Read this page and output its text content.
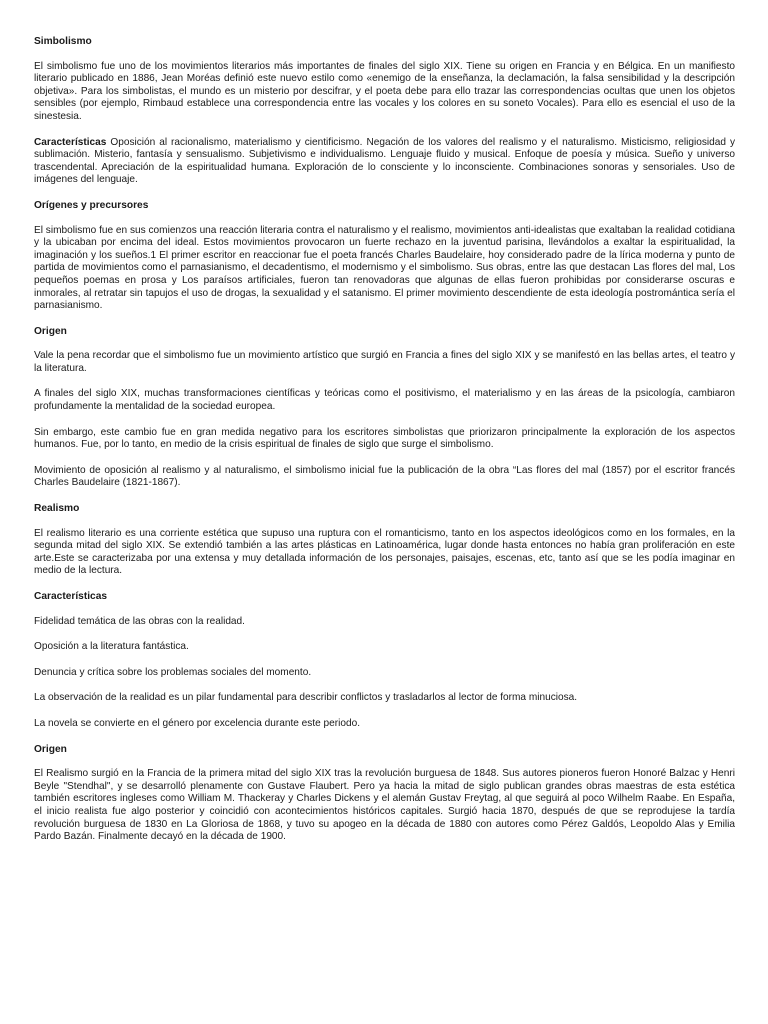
Simbolismo

El simbolismo fue uno de los movimientos literarios más importantes de finales del siglo XIX. Tiene su origen en Francia y en Bélgica. En un manifiesto literario publicado en 1886, Jean Moréas definió este nuevo estilo como «enemigo de la enseñanza, la declamación, la falsa sensibilidad y la descripción objetiva». Para los simbolistas, el mundo es un misterio por descifrar, y el poeta debe para ello trazar las correspondencias ocultas que unen los objetos sensibles (por ejemplo, Rimbaud establece una correspondencia entre las vocales y los colores en su soneto Vocales). Para ello es esencial el uso de la sinestesia.

Características Oposición al racionalismo, materialismo y cientificismo. Negación de los valores del realismo y el naturalismo. Misticismo, religiosidad y sublimación. Misterio, fantasía y sensualismo. Subjetivismo e individualismo. Lenguaje fluido y musical. Enfoque de poesía y música. Sueño y universo trascendental. Apreciación de la espiritualidad humana. Exploración de lo consciente y lo inconsciente. Combinaciones sonoras y sensoriales. Uso de imágenes del lenguaje.

Orígenes y precursores

El simbolismo fue en sus comienzos una reacción literaria contra el naturalismo y el realismo, movimientos anti-idealistas que exaltaban la realidad cotidiana y la ubicaban por encima del ideal. Estos movimientos provocaron un fuerte rechazo en la juventud parisina, llevándolos a exaltar la espiritualidad, la imaginación y los sueños.1 El primer escritor en reaccionar fue el poeta francés Charles Baudelaire, hoy considerado padre de la lírica moderna y punto de partida de movimientos como el parnasianismo, el decadentismo, el modernismo y el simbolismo. Sus obras, entre las que destacan Las flores del mal, Los pequeños poemas en prosa y Los paraísos artificiales, fueron tan renovadoras que algunas de ellas fueron prohibidas por considerarse oscuras e inmorales, al retratar sin tapujos el uso de drogas, la sexualidad y el satanismo. El primer movimiento descendiente de esta ideología postromántica sería el parnasianismo.

Origen

Vale la pena recordar que el simbolismo fue un movimiento artístico que surgió en Francia a fines del siglo XIX y se manifestó en las bellas artes, el teatro y la literatura.

A finales del siglo XIX, muchas transformaciones científicas y teóricas como el positivismo, el materialismo y en las áreas de la psicología, cambiaron profundamente la mentalidad de la sociedad europea.

Sin embargo, este cambio fue en gran medida negativo para los escritores simbolistas que priorizaron principalmente la exploración de los aspectos humanos. Fue, por lo tanto, en medio de la crisis espiritual de finales de siglo que surge el simbolismo.

Movimiento de oposición al realismo y al naturalismo, el simbolismo inicial fue la publicación de la obra “Las flores del mal (1857) por el escritor francés Charles Baudelaire (1821-1867).

Realismo

El realismo literario es una corriente estética que supuso una ruptura con el romanticismo, tanto en los aspectos ideológicos como en los formales, en la segunda mitad del siglo XIX. Se extendió también a las artes plásticas en Latinoamérica, lugar donde hasta entonces no había gran proliferación en este arte.Este se caracterizaba por una extensa y muy detallada información de los personajes, paisajes, escenas, etc, tanto así que se les podía imaginar en medio de la lectura.

Características

Fidelidad temática de las obras con la realidad.

Oposición a la literatura fantástica.

Denuncia y crítica sobre los problemas sociales del momento.

La observación de la realidad es un pilar fundamental para describir conflictos y trasladarlos al lector de forma minuciosa.

La novela se convierte en el género por excelencia durante este periodo.

Origen

El Realismo surgió en la Francia de la primera mitad del siglo XIX tras la revolución burguesa de 1848. Sus autores pioneros fueron Honoré Balzac y Henri Beyle "Stendhal", y se desarrolló plenamente con Gustave Flaubert. Pero ya hacia la mitad de siglo publican grandes obras maestras de esta estética también escritores ingleses como William M. Thackeray y Charles Dickens y el alemán Gustav Freytag, al que seguirá al poco Wilhelm Raabe. En España, el inicio realista fue algo posterior y coincidió con acontecimientos históricos capitales. Surgió hacia 1870, después de que se reprodujese la tardía revolución burguesa de 1830 en La Gloriosa de 1868, y tuvo su apogeo en la década de 1880 con autores como Pérez Galdós, Leopoldo Alas y Emilia Pardo Bazán. Finalmente decayó en la década de 1900.
